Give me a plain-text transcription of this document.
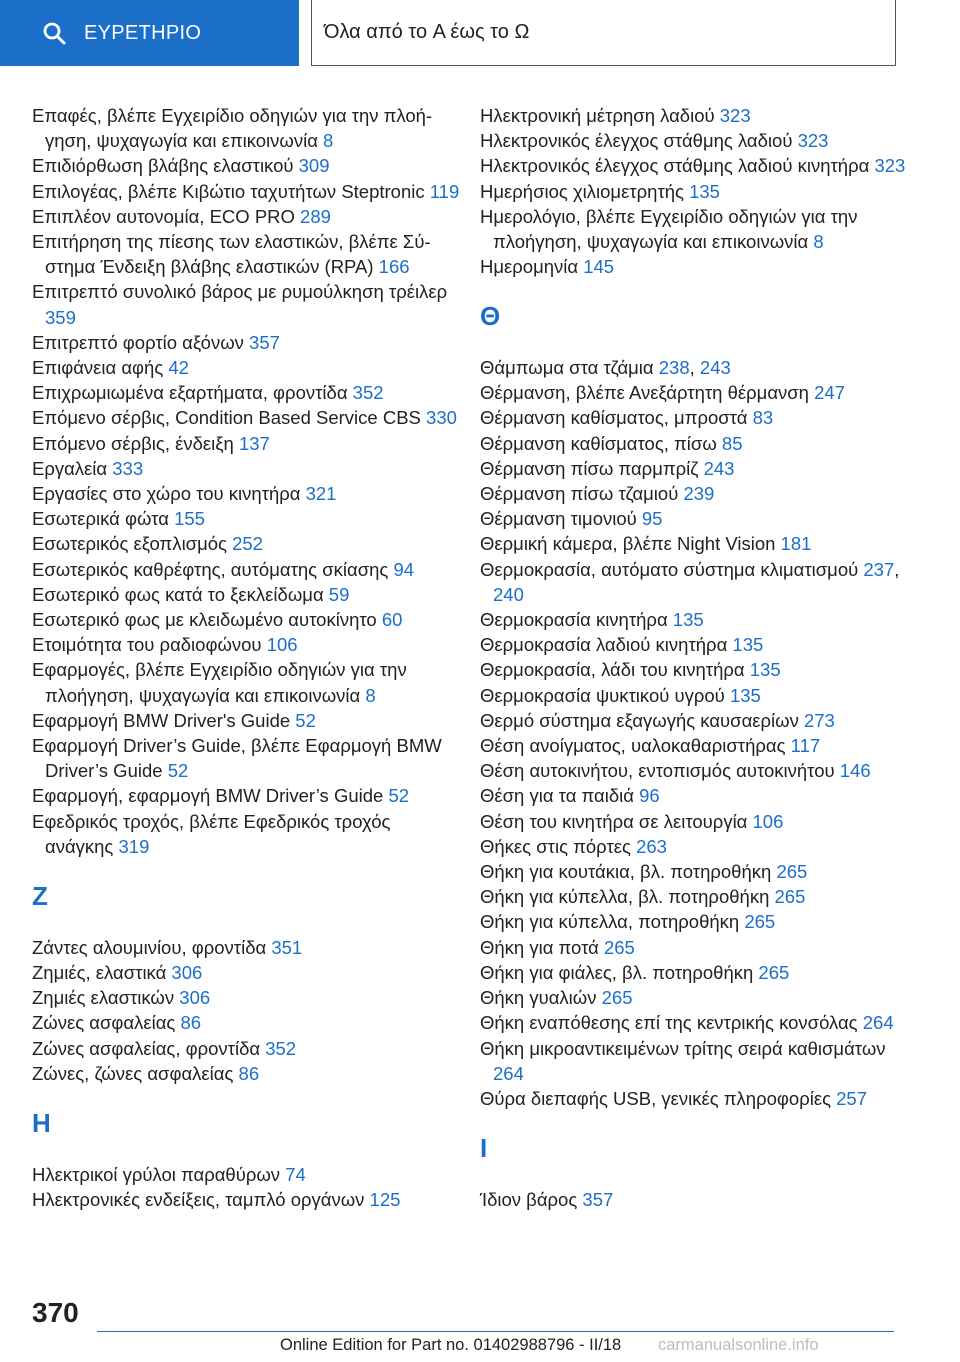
ΕΥΡΕΤΗΡΙΟ	Όλα από το A έως το Ω
Επαφές, βλέπε Εγχειρίδιο οδηγιών για την πλοήγηση, ψυχαγωγία και επικοινωνία 8
Επιδιόρθωση βλάβης ελαστικού 309
Επιλογέας, βλέπε Κιβώτιο ταχυτήτων Steptronic 119
Επιπλέον αυτονομία, ECO PRO 289
Επιτήρηση της πίεσης των ελαστικών, βλέπε Σύστημα Ένδειξη βλάβης ελαστικών (RPA) 166
Επιτρεπτό συνολικό βάρος με ρυμούλκηση τρέιλερ 359
Επιτρεπτό φορτίο αξόνων 357
Επιφάνεια αφής 42
Επιχρωμιωμένα εξαρτήματα, φροντίδα 352
Επόμενο σέρβις, Condition Based Service CBS 330
Επόμενο σέρβις, ένδειξη 137
Εργαλεία 333
Εργασίες στο χώρο του κινητήρα 321
Εσωτερικά φώτα 155
Εσωτερικός εξοπλισμός 252
Εσωτερικός καθρέφτης, αυτόματης σκίασης 94
Εσωτερικό φως κατά το ξεκλείδωμα 59
Εσωτερικό φως με κλειδωμένο αυτοκίνητο 60
Ετοιμότητα του ραδιοφώνου 106
Εφαρμογές, βλέπε Εγχειρίδιο οδηγιών για την πλοήγηση, ψυχαγωγία και επικοινωνία 8
Εφαρμογή BMW Driver's Guide 52
Εφαρμογή Driver’s Guide, βλέπε Εφαρμογή BMW Driver’s Guide 52
Εφαρμογή, εφαρμογή BMW Driver’s Guide 52
Εφεδρικός τροχός, βλέπε Εφεδρικός τροχός ανάγκης 319
Ζ
Ζάντες αλουμινίου, φροντίδα 351
Ζημιές, ελαστικά 306
Ζημιές ελαστικών 306
Ζώνες ασφαλείας 86
Ζώνες ασφαλείας, φροντίδα 352
Ζώνες, ζώνες ασφαλείας 86
Η
Ηλεκτρικοί γρύλοι παραθύρων 74
Ηλεκτρονικές ενδείξεις, ταμπλό οργάνων 125
Ηλεκτρονική μέτρηση λαδιού 323
Ηλεκτρονικός έλεγχος στάθμης λαδιού 323
Ηλεκτρονικός έλεγχος στάθμης λαδιού κινητήρα 323
Ημερήσιος χιλιομετρητής 135
Ημερολόγιο, βλέπε Εγχειρίδιο οδηγιών για την πλοήγηση, ψυχαγωγία και επικοινωνία 8
Ημερομηνία 145
Θ
Θάμπωμα στα τζάμια 238, 243
Θέρμανση, βλέπε Ανεξάρτητη θέρμανση 247
Θέρμανση καθίσματος, μπροστά 83
Θέρμανση καθίσματος, πίσω 85
Θέρμανση πίσω παρμπρίζ 243
Θέρμανση πίσω τζαμιού 239
Θέρμανση τιμονιού 95
Θερμική κάμερα, βλέπε Night Vision 181
Θερμοκρασία, αυτόματο σύστημα κλιματισμού 237, 240
Θερμοκρασία κινητήρα 135
Θερμοκρασία λαδιού κινητήρα 135
Θερμοκρασία, λάδι του κινητήρα 135
Θερμοκρασία ψυκτικού υγρού 135
Θερμό σύστημα εξαγωγής καυσαερίων 273
Θέση ανοίγματος, υαλοκαθαριστήρας 117
Θέση αυτοκινήτου, εντοπισμός αυτοκινήτου 146
Θέση για τα παιδιά 96
Θέση του κινητήρα σε λειτουργία 106
Θήκες στις πόρτες 263
Θήκη για κουτάκια, βλ. ποτηροθήκη 265
Θήκη για κύπελλα, βλ. ποτηροθήκη 265
Θήκη για κύπελλα, ποτηροθήκη 265
Θήκη για ποτά 265
Θήκη για φιάλες, βλ. ποτηροθήκη 265
Θήκη γυαλιών 265
Θήκη εναπόθεσης επί της κεντρικής κονσόλας 264
Θήκη μικροαντικειμένων τρίτης σειρά καθισμάτων 264
Θύρα διεπαφής USB, γενικές πληροφορίες 257
Ι
Ίδιον βάρος 357
370
Online Edition for Part no. 01402988796 - II/18 carmanualsonline.info
